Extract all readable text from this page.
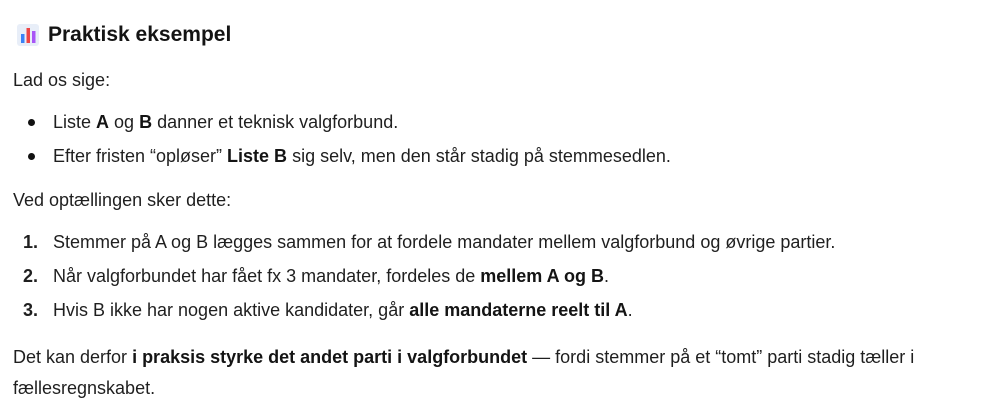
Praktisk eksempel
Lad os sige:
Liste A og B danner et teknisk valgforbund.
Efter fristen “opløser” Liste B sig selv, men den står stadig på stemmesedlen.
Ved optællingen sker dette:
1. Stemmer på A og B lægges sammen for at fordele mandater mellem valgforbund og øvrige partier.
2. Når valgforbundet har fået fx 3 mandater, fordeles de mellem A og B.
3. Hvis B ikke har nogen aktive kandidater, går alle mandaterne reelt til A.
Det kan derfor i praksis styrke det andet parti i valgforbundet — fordi stemmer på et “tomt” parti stadig tæller i fællesregnskabet.
